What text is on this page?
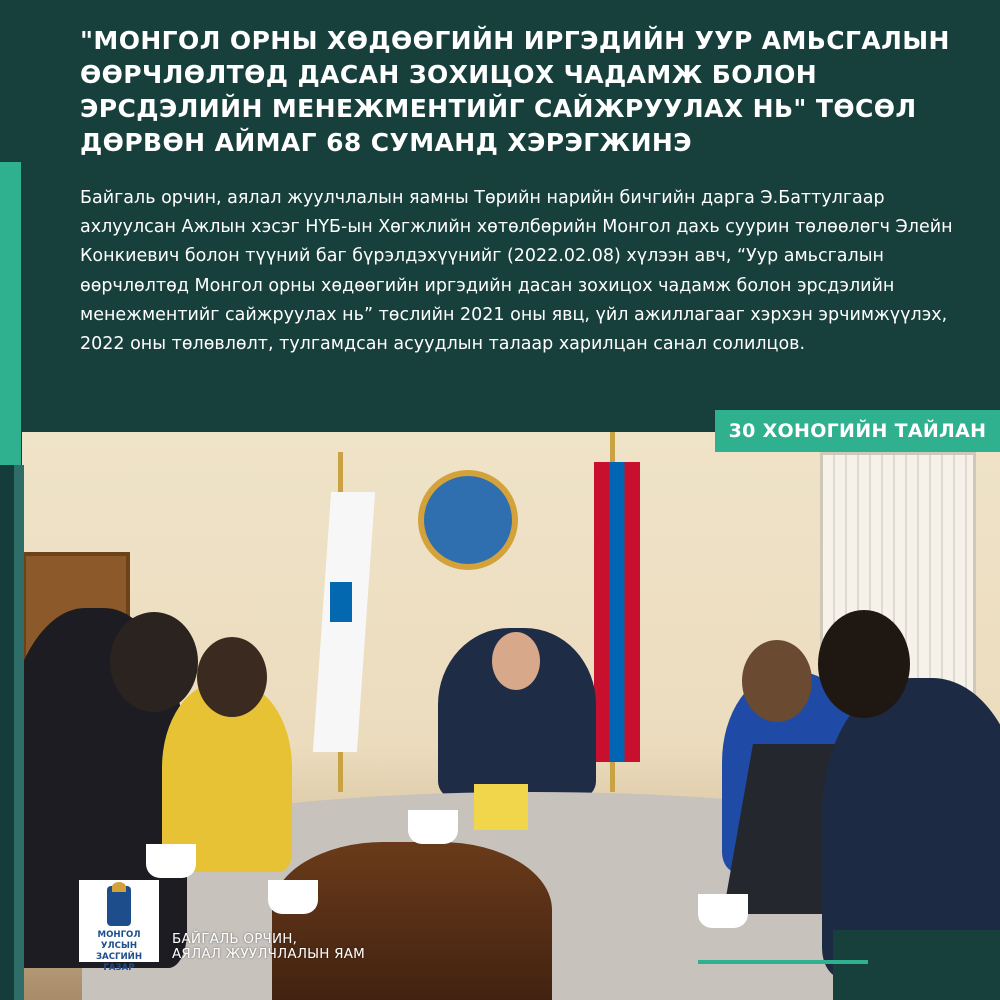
"МОНГОЛ ОРНЫ ХӨДӨӨГИЙН ИРГЭДИЙН УУР АМЬСГАЛЫН ӨӨРЧЛӨЛТӨД ДАСАН ЗОХИЦОХ ЧАДАМЖ БОЛОН ЭРСДЭЛИЙН МЕНЕЖМЕНТИЙГ САЙЖРУУЛАХ НЬ" ТӨСӨЛ ДӨРВӨН АЙМАГ 68 СУМАНД ХЭРЭГЖИНЭ

Байгаль орчин, аялал жуулчлалын яамны Төрийн нарийн бичгийн дарга Э.Баттулгаар ахлуулсан Ажлын хэсэг НҮБ-ын Хөгжлийн хөтөлбөрийн Монгол дахь суурин төлөөлөгч Элейн Конкиевич болон түүний баг бүрэлдэхүүнийг (2022.02.08) хүлээн авч, “Уур амьсгалын өөрчлөлтөд Монгол орны хөдөөгийн иргэдийн дасан зохицох чадамж болон эрсдэлийн менежментийг сайжруулах нь” төслийн 2021 оны явц, үйл ажиллагааг хэрхэн эрчимжүүлэх, 2022 оны төлөвлөлт, тулгамдсан асуудлын талаар харилцан санал солилцов.

30 ХОНОГИЙН ТАЙЛАН

МОНГОЛ УЛСЫН
ЗАСГИЙН ГАЗАР

БАЙГАЛЬ ОРЧИН,
АЯЛАЛ ЖУУЛЧЛАЛЫН ЯАМ
